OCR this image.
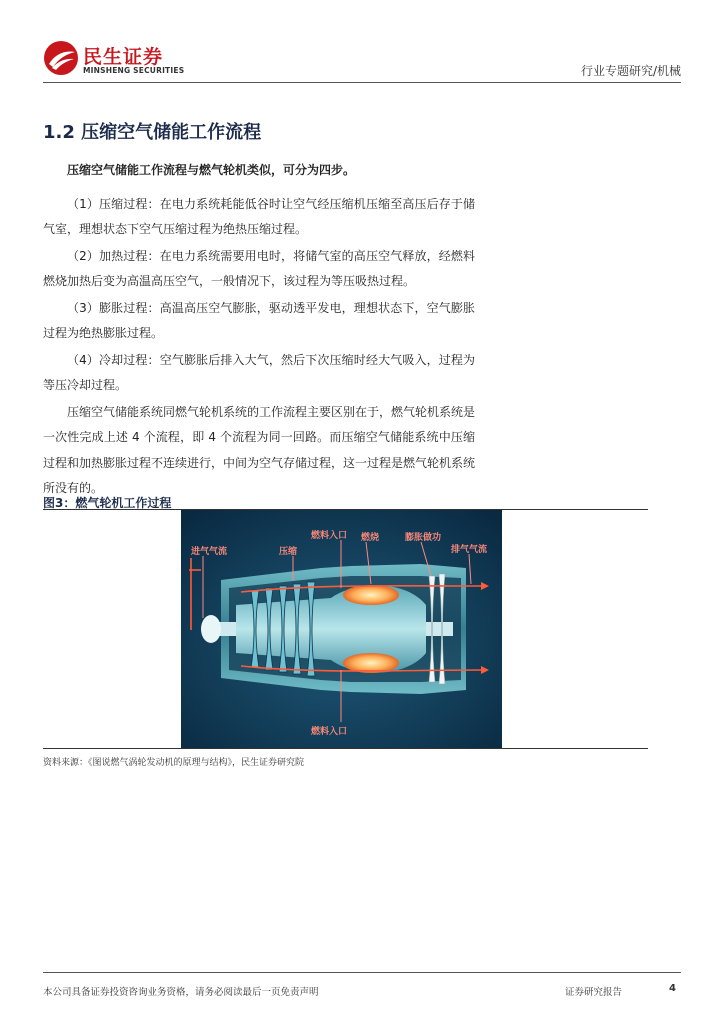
民生证券
MINSHENG SECURITIES	行业专题研究/机械
1.2 压缩空气储能工作流程

压缩空气储能工作流程与燃气轮机类似，可分为四步。

（1）压缩过程：在电力系统耗能低谷时让空气经压缩机压缩至高压后存于储气室，理想状态下空气压缩过程为绝热压缩过程。

（2）加热过程：在电力系统需要用电时，将储气室的高压空气释放，经燃料燃烧加热后变为高温高压空气，一般情况下，该过程为等压吸热过程。

（3）膨胀过程：高温高压空气膨胀，驱动透平发电，理想状态下，空气膨胀过程为绝热膨胀过程。

（4）冷却过程：空气膨胀后排入大气，然后下次压缩时经大气吸入，过程为等压冷却过程。

压缩空气储能系统同燃气轮机系统的工作流程主要区别在于，燃气轮机系统是一次性完成上述 4 个流程，即 4 个流程为同一回路。而压缩空气储能系统中压缩过程和加热膨胀过程不连续进行，中间为空气存储过程，这一过程是燃气轮机系统所没有的。

图3：燃气轮机工作过程
进气气流	压缩
燃料入口 燃烧	膨胀做功
排气气流
燃料入口
资料来源：《图说燃气涡轮发动机的原理与结构》，民生证券研究院
本公司具备证券投资咨询业务资格，请务必阅读最后一页免责声明	证券研究报告	4
